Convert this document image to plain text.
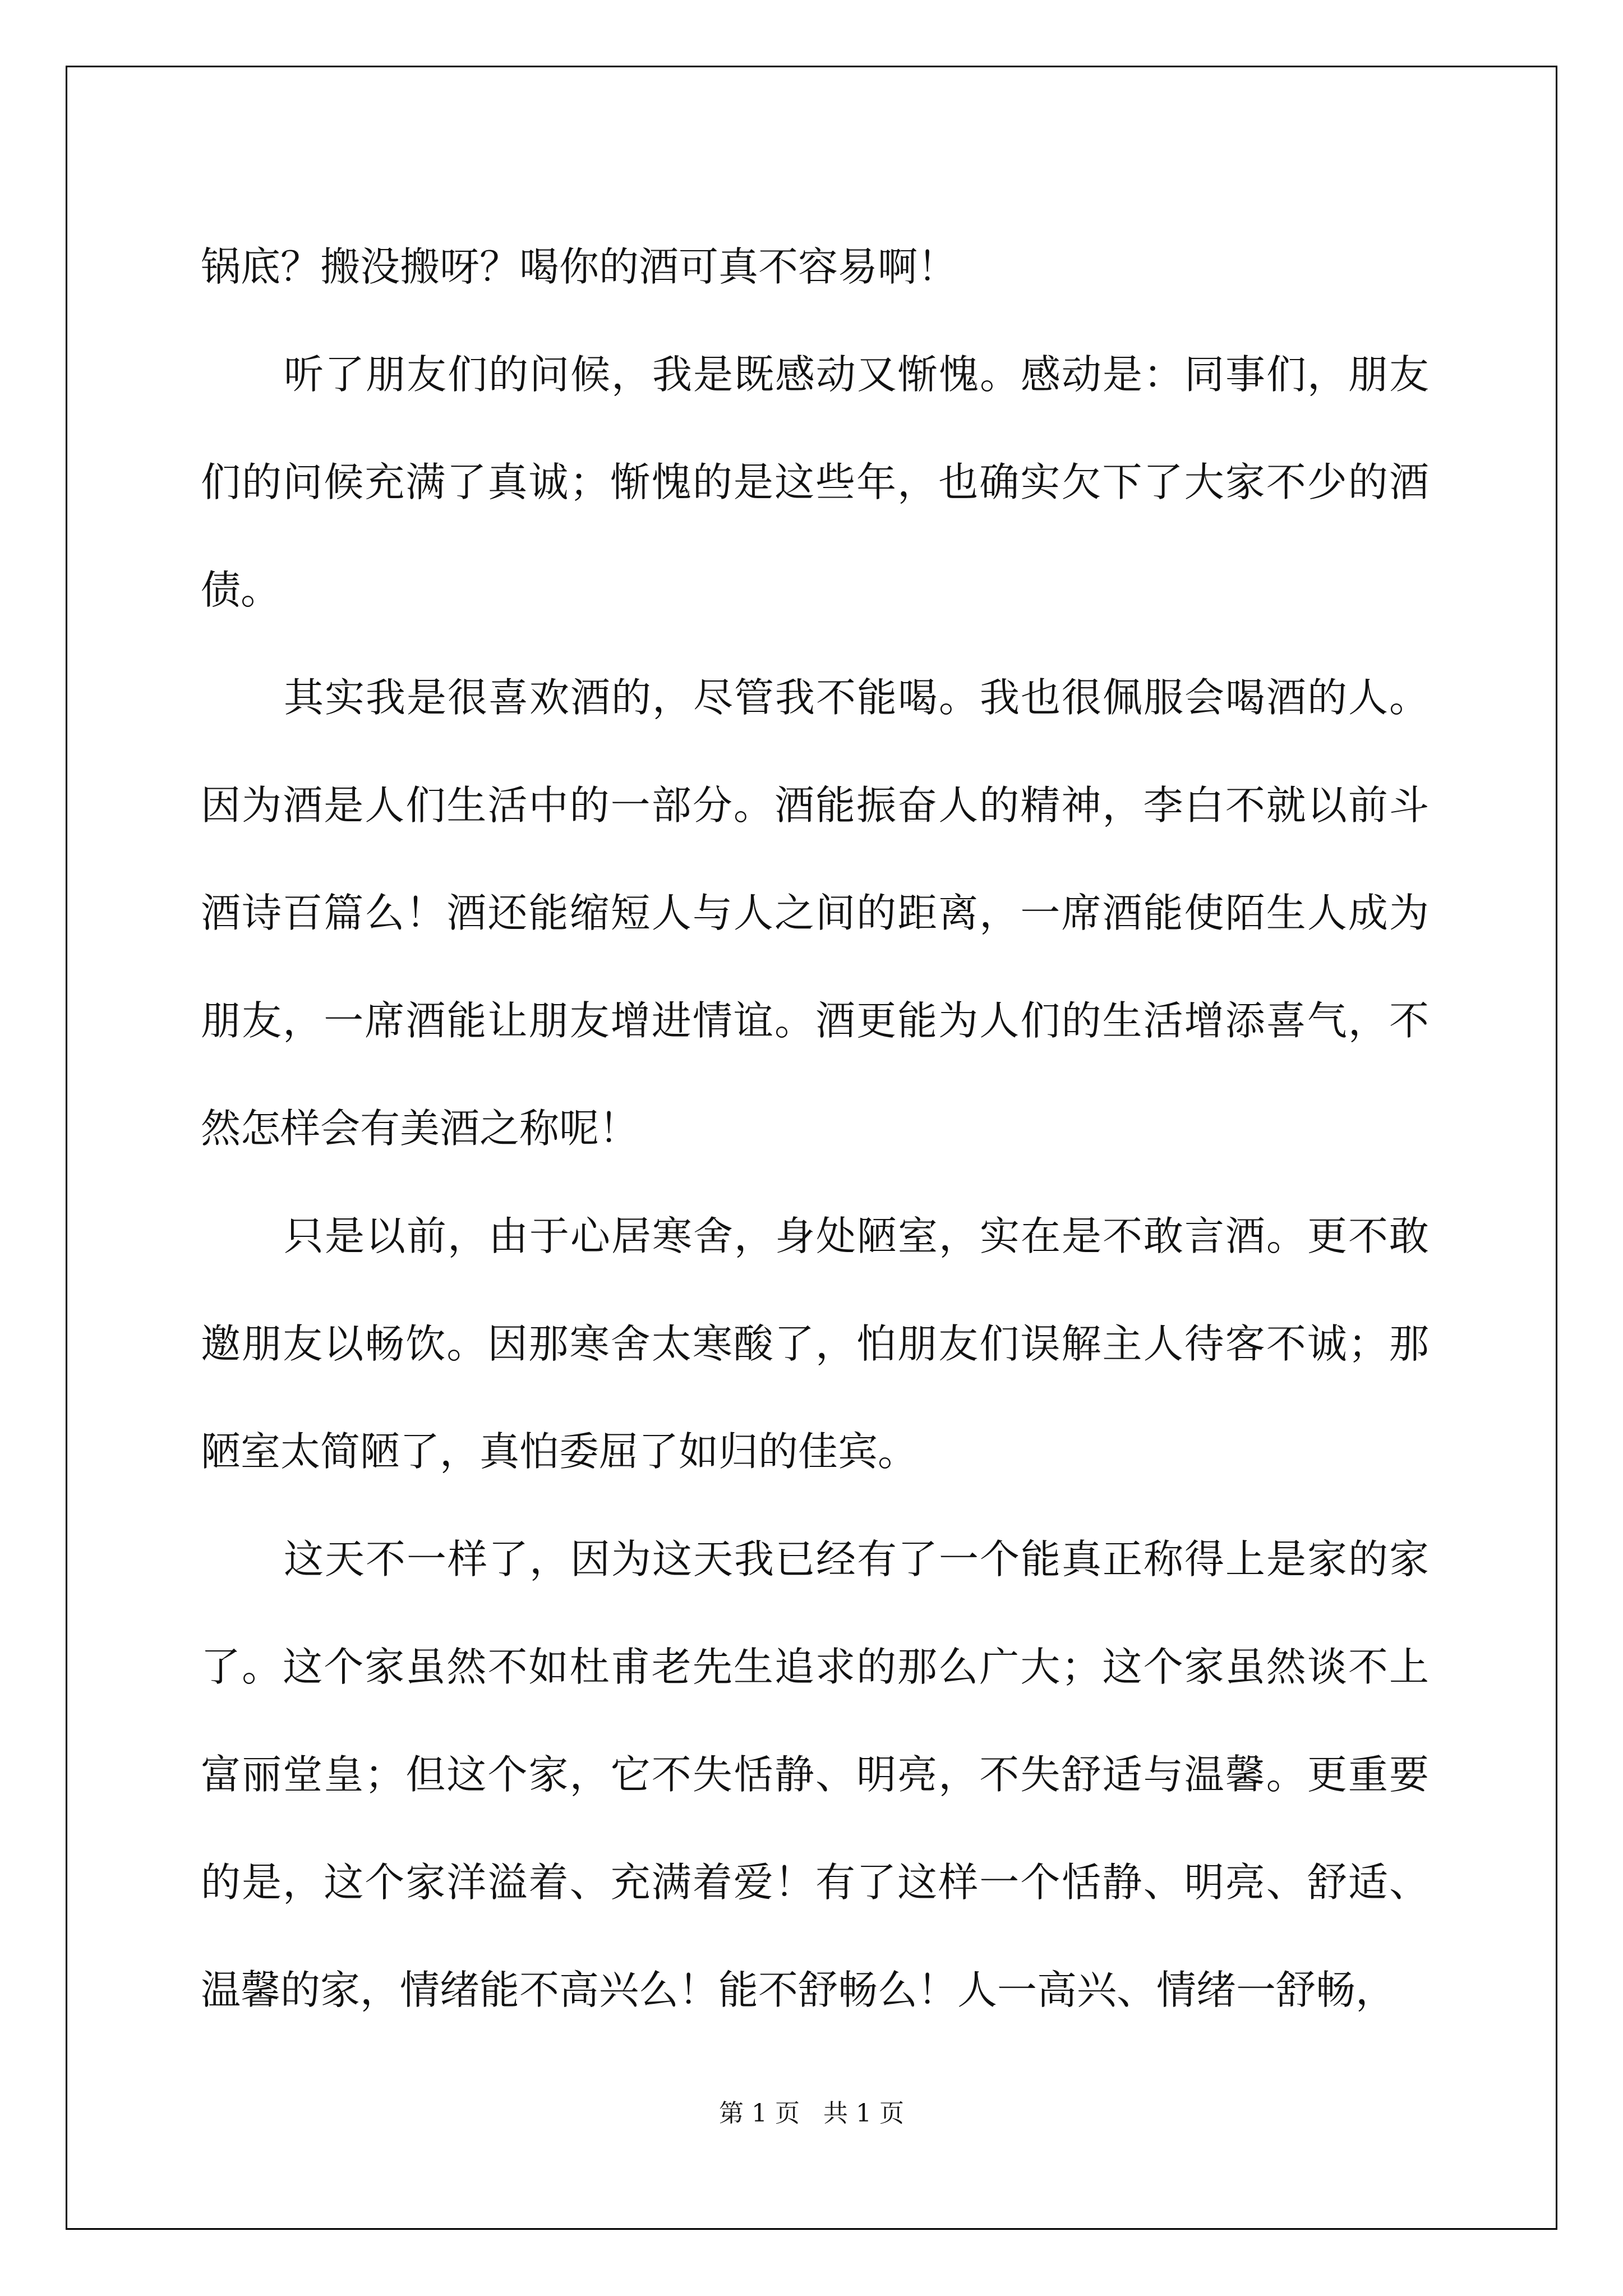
锅底？搬没搬呀？喝你的酒可真不容易啊！

听了朋友们的问候，我是既感动又惭愧。感动是：同事们，朋友们的问候充满了真诚；惭愧的是这些年，也确实欠下了大家不少的酒债。

其实我是很喜欢酒的，尽管我不能喝。我也很佩服会喝酒的人。因为酒是人们生活中的一部分。酒能振奋人的精神，李白不就以前斗酒诗百篇么！酒还能缩短人与人之间的距离，一席酒能使陌生人成为朋友，一席酒能让朋友增进情谊。酒更能为人们的生活增添喜气，不然怎样会有美酒之称呢！

只是以前，由于心居寒舍，身处陋室，实在是不敢言酒。更不敢邀朋友以畅饮。因那寒舍太寒酸了，怕朋友们误解主人待客不诚；那陋室太简陋了，真怕委屈了如归的佳宾。

这天不一样了，因为这天我已经有了一个能真正称得上是家的家了。这个家虽然不如杜甫老先生追求的那么广大；这个家虽然谈不上富丽堂皇；但这个家，它不失恬静、明亮，不失舒适与温馨。更重要的是，这个家洋溢着、充满着爱！有了这样一个恬静、明亮、舒适、温馨的家，情绪能不高兴么！能不舒畅么！人一高兴、情绪一舒畅，

第 1 页   共 1 页
